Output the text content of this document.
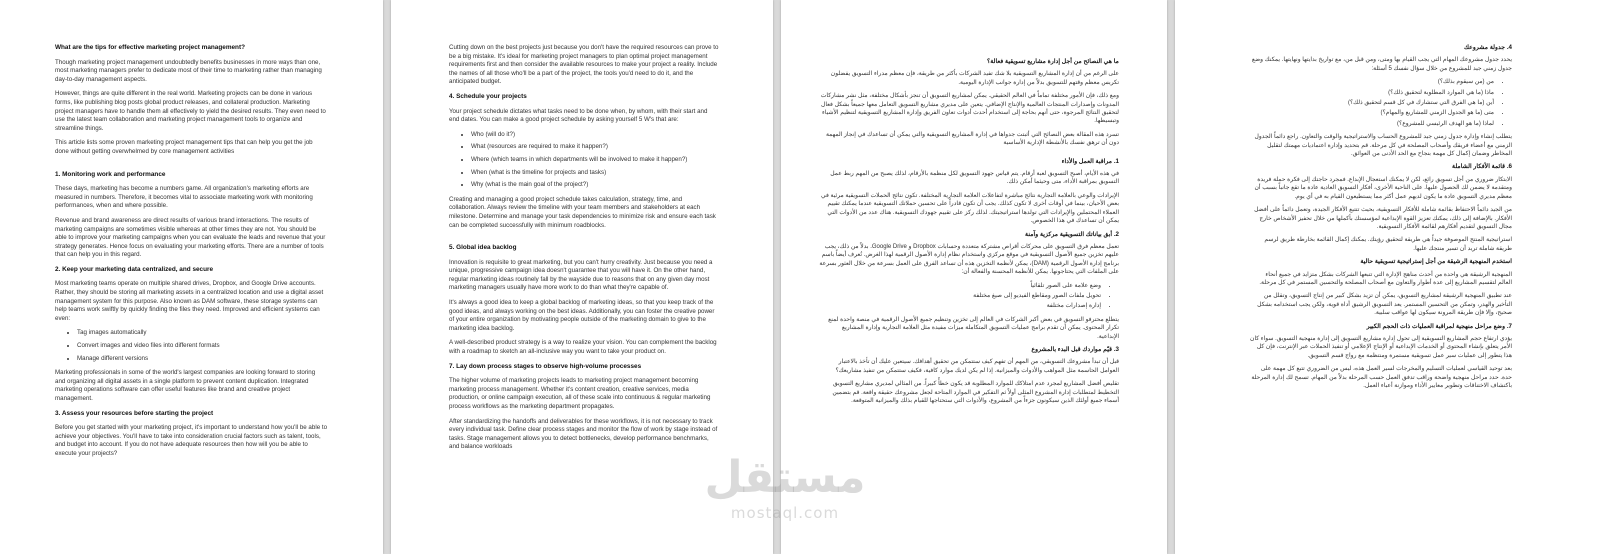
What are the tips for effective marketing project management?

Though marketing project management undoubtedly benefits businesses in more ways than one, most marketing managers prefer to dedicate most of their time to marketing rather than managing day-to-day management aspects.

However, things are quite different in the real world. Marketing projects can be done in various forms, like publishing blog posts global product releases, and collateral production. Marketing project managers have to handle them all effectively to yield the desired results. They even need to use the latest team collaboration and marketing project management tools to organize and streamline things.

This article lists some proven marketing project management tips that can help you get the job done without getting overwhelmed by core management activities

1. Monitoring work and performance

These days, marketing has become a numbers game. All organization's marketing efforts are measured in numbers. Therefore, it becomes vital to associate marketing work with monitoring performances, when and where possible.

Revenue and brand awareness are direct results of various brand interactions. The results of marketing campaigns are sometimes visible whereas at other times they are not. You should be able to improve your marketing campaigns when you can evaluate the leads and revenue that your strategy generates. Hence focus on evaluating your marketing efforts. There are a number of tools that can help you in this regard.

2. Keep your marketing data centralized, and secure

Most marketing teams operate on multiple shared drives, Dropbox, and Google Drive accounts. Rather, they should be storing all marketing assets in a centralized location and use a digital asset management system for this purpose. Also known as DAM software, these storage systems can help teams work swiftly by quickly finding the files they need. Improved and efficient systems can even:

• Tag images automatically
• Convert images and video files into different formats
• Manage different versions

Marketing professionals in some of the world's largest companies are looking forward to storing and organizing all digital assets in a single platform to prevent content duplication. Integrated marketing operations software can offer useful features like brand and creative project management.

3. Assess your resources before starting the project

Before you get started with your marketing project, it's important to understand how you'll be able to achieve your objectives. You'll have to take into consideration crucial factors such as talent, tools, and budget into account. If you do not have adequate resources then how will you be able to execute your projects?

Cutting down on the best projects just because you don't have the required resources can prove to be a big mistake. It's ideal for marketing project managers to plan optimal project management requirements first and then consider the available resources to make your project a reality. Include the names of all those who'll be a part of the project, the tools you'd need to do it, and the anticipated budget.

4. Schedule your projects

Your project schedule dictates what tasks need to be done when, by whom, with their start and end dates. You can make a good project schedule by asking yourself 5 W's that are:

• Who (will do it?)
• What (resources are required to make it happen?)
• Where (which teams in which departments will be involved to make it happen?)
• When (what is the timeline for projects and tasks)
• Why (what is the main goal of the project?)

Creating and managing a good project schedule takes calculation, strategy, time, and collaboration. Always review the timeline with your team members and stakeholders at each milestone. Determine and manage your task dependencies to minimize risk and ensure each task can be completed successfully with minimum roadblocks.

5. Global idea backlog

Innovation is requisite to great marketing, but you can't hurry creativity. Just because you need a unique, progressive campaign idea doesn't guarantee that you will have it. On the other hand, regular marketing ideas routinely fall by the wayside due to reasons that on any given day most marketing managers usually have more work to do than what they're capable of.

It's always a good idea to keep a global backlog of marketing ideas, so that you keep track of the good ideas, and always working on the best ideas. Additionally, you can foster the creative power of your entire organization by motivating people outside of the marketing domain to give to the marketing idea backlog.

A well-described product strategy is a way to realize your vision. You can complement the backlog with a roadmap to sketch an all-inclusive way you want to take your product on.

7. Lay down process stages to observe high-volume processes

The higher volume of marketing projects leads to marketing project management becoming marketing process management. Whether it's content creation, creative services, media production, or online campaign execution, all of these scale into continuous & regular marketing process workflows as the marketing department propagates.

After standardizing the handoffs and deliverables for these workflows, it is not necessary to track every individual task. Define clear process stages and monitor the flow of work by stage instead of tasks. Stage management allows you to detect bottlenecks, develop performance benchmarks, and balance workloads

ما هي النصائح من أجل إدارة مشاريع تسويقية فعالة؟

على الرغم من أن إدارة المشاريع التسويقية بلا شك تفيد الشركات بأكثر من طريقة، فإن معظم مدراء التسويق يفضلون تكريس معظم وقتهم للتسويق بدلاً من إدارة جوانب الإدارة اليومية.

ومع ذلك، فإن الأمور مختلفة تماماً في العالم الحقيقي. يمكن لمشاريع التسويق أن تنجز بأشكال مختلفة، مثل نشر مشاركات المدونات وإصدارات المنتجات العالمية والإنتاج الإضافي. يتعين على مديري مشاريع التسويق التعامل معها جميعاً بشكل فعال لتحقيق النتائج المرجوة، حتى أنهم بحاجة إلى استخدام أحدث أدوات تعاون الفريق وإدارة المشاريع التسويقية لتنظيم الأشياء وتبسيطها.

تسرد هذه المقالة بعض النصائح التي أثبتت جدواها في إدارة المشاريع التسويقية والتي يمكن أن تساعدك في إنجاز المهمة دون أن ترهق نفسك بالأنشطة الإدارية الأساسية

1. مراقبة العمل والأداء

في هذه الأيام، أصبح التسويق لعبة أرقام. يتم قياس جهود التسويق لكل منظمة بالأرقام، لذلك يصبح من المهم ربط عمل التسويق بمراقبة الأداء، متى وحيثما أمكن ذلك.

الإيرادات والوعي بالعلامة التجارية نتائج مباشرة لتفاعلات العلامة التجارية المختلفة. تكون نتائج الحملات التسويقية مرئية في بعض الأحيان، بينما في أوقات أخرى لا تكون كذلك. يجب أن تكون قادراً على تحسين حملاتك التسويقية عندما يمكنك تقييم العملاء المحتملين والإيرادات التي تولدها استراتيجيتك. لذلك ركز على تقييم جهودك التسويقية. هناك عدد من الأدوات التي يمكن أن تساعدك في هذا الخصوص.

2. أبق بياناتك التسويقية مركزية وآمنة

تعمل معظم فرق التسويق على محركات أقراص مشتركة متعددة وحسابات Dropbox و Google Drive. بدلاً من ذلك، يجب عليهم تخزين جميع الأصول التسويقية في موقع مركزي واستخدام نظام إدارة الأصول الرقمية لهذا الغرض. تُعرف أيضاً باسم برنامج إدارة الأصول الرقمية (DAM)، يمكن لأنظمة التخزين هذه أن تساعد الفرق على العمل بسرعة من خلال العثور بسرعة على الملفات التي يحتاجونها. يمكن للأنظمة المحسنة والفعالة أن:

• وضع علامة على الصور تلقائياً
• تحويل ملفات الصور ومقاطع الفيديو إلى صيغ مختلفة
• إدارة إصدارات مختلفة

يتطلع محترفو التسويق في بعض أكبر الشركات في العالم إلى تخزين وتنظيم جميع الأصول الرقمية في منصة واحدة لمنع تكرار المحتوى. يمكن أن تقدم برامج عمليات التسويق المتكاملة ميزات مفيدة مثل العلامة التجارية وإدارة المشاريع الإبداعية.

3. قيّم مواردك قبل البدء بالمشروع

قبل أن تبدأ مشروعك التسويقي، من المهم أن تفهم كيف ستتمكن من تحقيق أهدافك. سيتعين عليك أن تأخذ بالاعتبار العوامل الحاسمة مثل المواهب والأدوات والميزانية. إذا لم يكن لديك موارد كافية، فكيف ستتمكن من تنفيذ مشاريعك؟

تقليص أفضل المشاريع لمجرد عدم امتلاكك للموارد المطلوبة قد يكون خطأً كبيراً. من المثالي لمديري مشاريع التسويق التخطيط لمتطلبات إدارة المشروع المثلى أولاً ثم التفكير في الموارد المتاحة لجعل مشروعك حقيقة واقعة. قم بتضمين أسماء جميع أولئك الذين سيكونون جزءاً من المشروع، والأدوات التي ستحتاجها للقيام بذلك والميزانية المتوقعة.

4. جدولة مشروعك

يحدد جدول مشروعك المهام التي يجب القيام بها ومتى، ومن قبل من، مع تواريخ بدايتها ونهايتها. يمكنك وضع جدول زمني جيد للمشروع من خلال سؤال نفسك 5 أسئلة:

• من (من سيقوم بذلك؟)
• ماذا (ما هي الموارد المطلوبة لتحقيق ذلك؟)
• أين (ما هي الفرق التي ستشارك في كل قسم لتحقيق ذلك؟)
• متى (ما هو الجدول الزمني للمشاريع والمهام؟)
• لماذا (ما هو الهدف الرئيسي للمشروع؟)

يتطلب إنشاء وإدارة جدول زمني جيد للمشروع الحساب والاستراتيجية والوقت والتعاون. راجع دائماً الجدول الزمني مع أعضاء فريقك وأصحاب المصلحة في كل مرحلة. قم بتحديد وإدارة اعتماديات مهمتك لتقليل المخاطر وضمان إكمال كل مهمة بنجاح مع الحد الأدنى من العوائق.

6. قائمة الأفكار الشاملة

الابتكار ضروري من أجل تسويق رائع، لكن لا يمكنك استعجال الإبداع. فمجرد حاجتك إلى فكرة حملة فريدة ومتقدمة لا يضمن لك الحصول عليها. على الناحية الأخرى، أفكار التسويق العادية عادة ما تقع جانباً بسبب أن معظم مديري التسويق عادة ما يكون لديهم عمل أكثر مما يستطيعون القيام به في أي يوم.

من الجيد دائماً الاحتفاظ بقائمة شاملة للأفكار التسويقية، بحيث تتتبع الأفكار الجيدة، وتعمل دائماً على أفضل الأفكار. بالإضافة إلى ذلك، يمكنك تعزيز القوة الإبداعية لمؤسستك بأكملها من خلال تحفيز الأشخاص خارج مجال التسويق لتقديم أفكارهم لقائمة الأفكار التسويقية.

استراتيجية المنتج الموصوفة جيداً هي طريقة لتحقيق رؤيتك. يمكنك إكمال القائمة بخارطة طريق لرسم طريقة شاملة تريد أن تسير منتجك عليها.

استخدم المنهجية الرشيقة من أجل إستراتيجية تسويقية حالية

المنهجية الرشيقة هي واحدة من أحدث مناهج الإدارة التي تتبعها الشركات بشكل متزايد في جميع أنحاء العالم لتقسيم المشاريع إلى عدة أطوار والتعاون مع أصحاب المصلحة والتحسين المستمر في كل مرحلة.

عند تطبيق المنهجية الرشيقة لمشاريع التسويق، يمكن أن تزيد بشكل كبير من إنتاج التسويق، وتقلل من التأخير والهدر، وتمكن من التحسين المستمر. يعد التسويق الرشيق أداة قوية، ولكن يجب استخدامه بشكل صحيح، وإلا فإن طريقة المرونة سيكون لها عواقب سلبية.

7. وضع مراحل منهجية لمراقبة العمليات ذات الحجم الكبير

يؤدي ارتفاع حجم المشاريع التسويقية إلى تحول إدارة مشاريع التسويق إلى إدارة منهجية التسويق. سواء كان الأمر يتعلق بإنشاء المحتوى أو الخدمات الإبداعية أو الإنتاج الإعلامي أو تنفيذ الحملات عبر الإنترنت، فإن كل هذا يتطور إلى عمليات سير عمل تسويقية مستمرة ومنتظمة مع رواج قسم التسويق.

بعد توحيد القياسي لعمليات التسليم والمخرجات لسير العمل هذه، ليس من الضروري تتبع كل مهمة على حدة. حدد مراحل منهجية واضحة وراقب تدفق العمل حسب المرحلة بدلاً من المهام. تسمح لك إدارة المرحلة باكتشاف الاختناقات وتطوير معايير الأداء وموازنة أعباء العمل.

مستقل
mostaql.com
